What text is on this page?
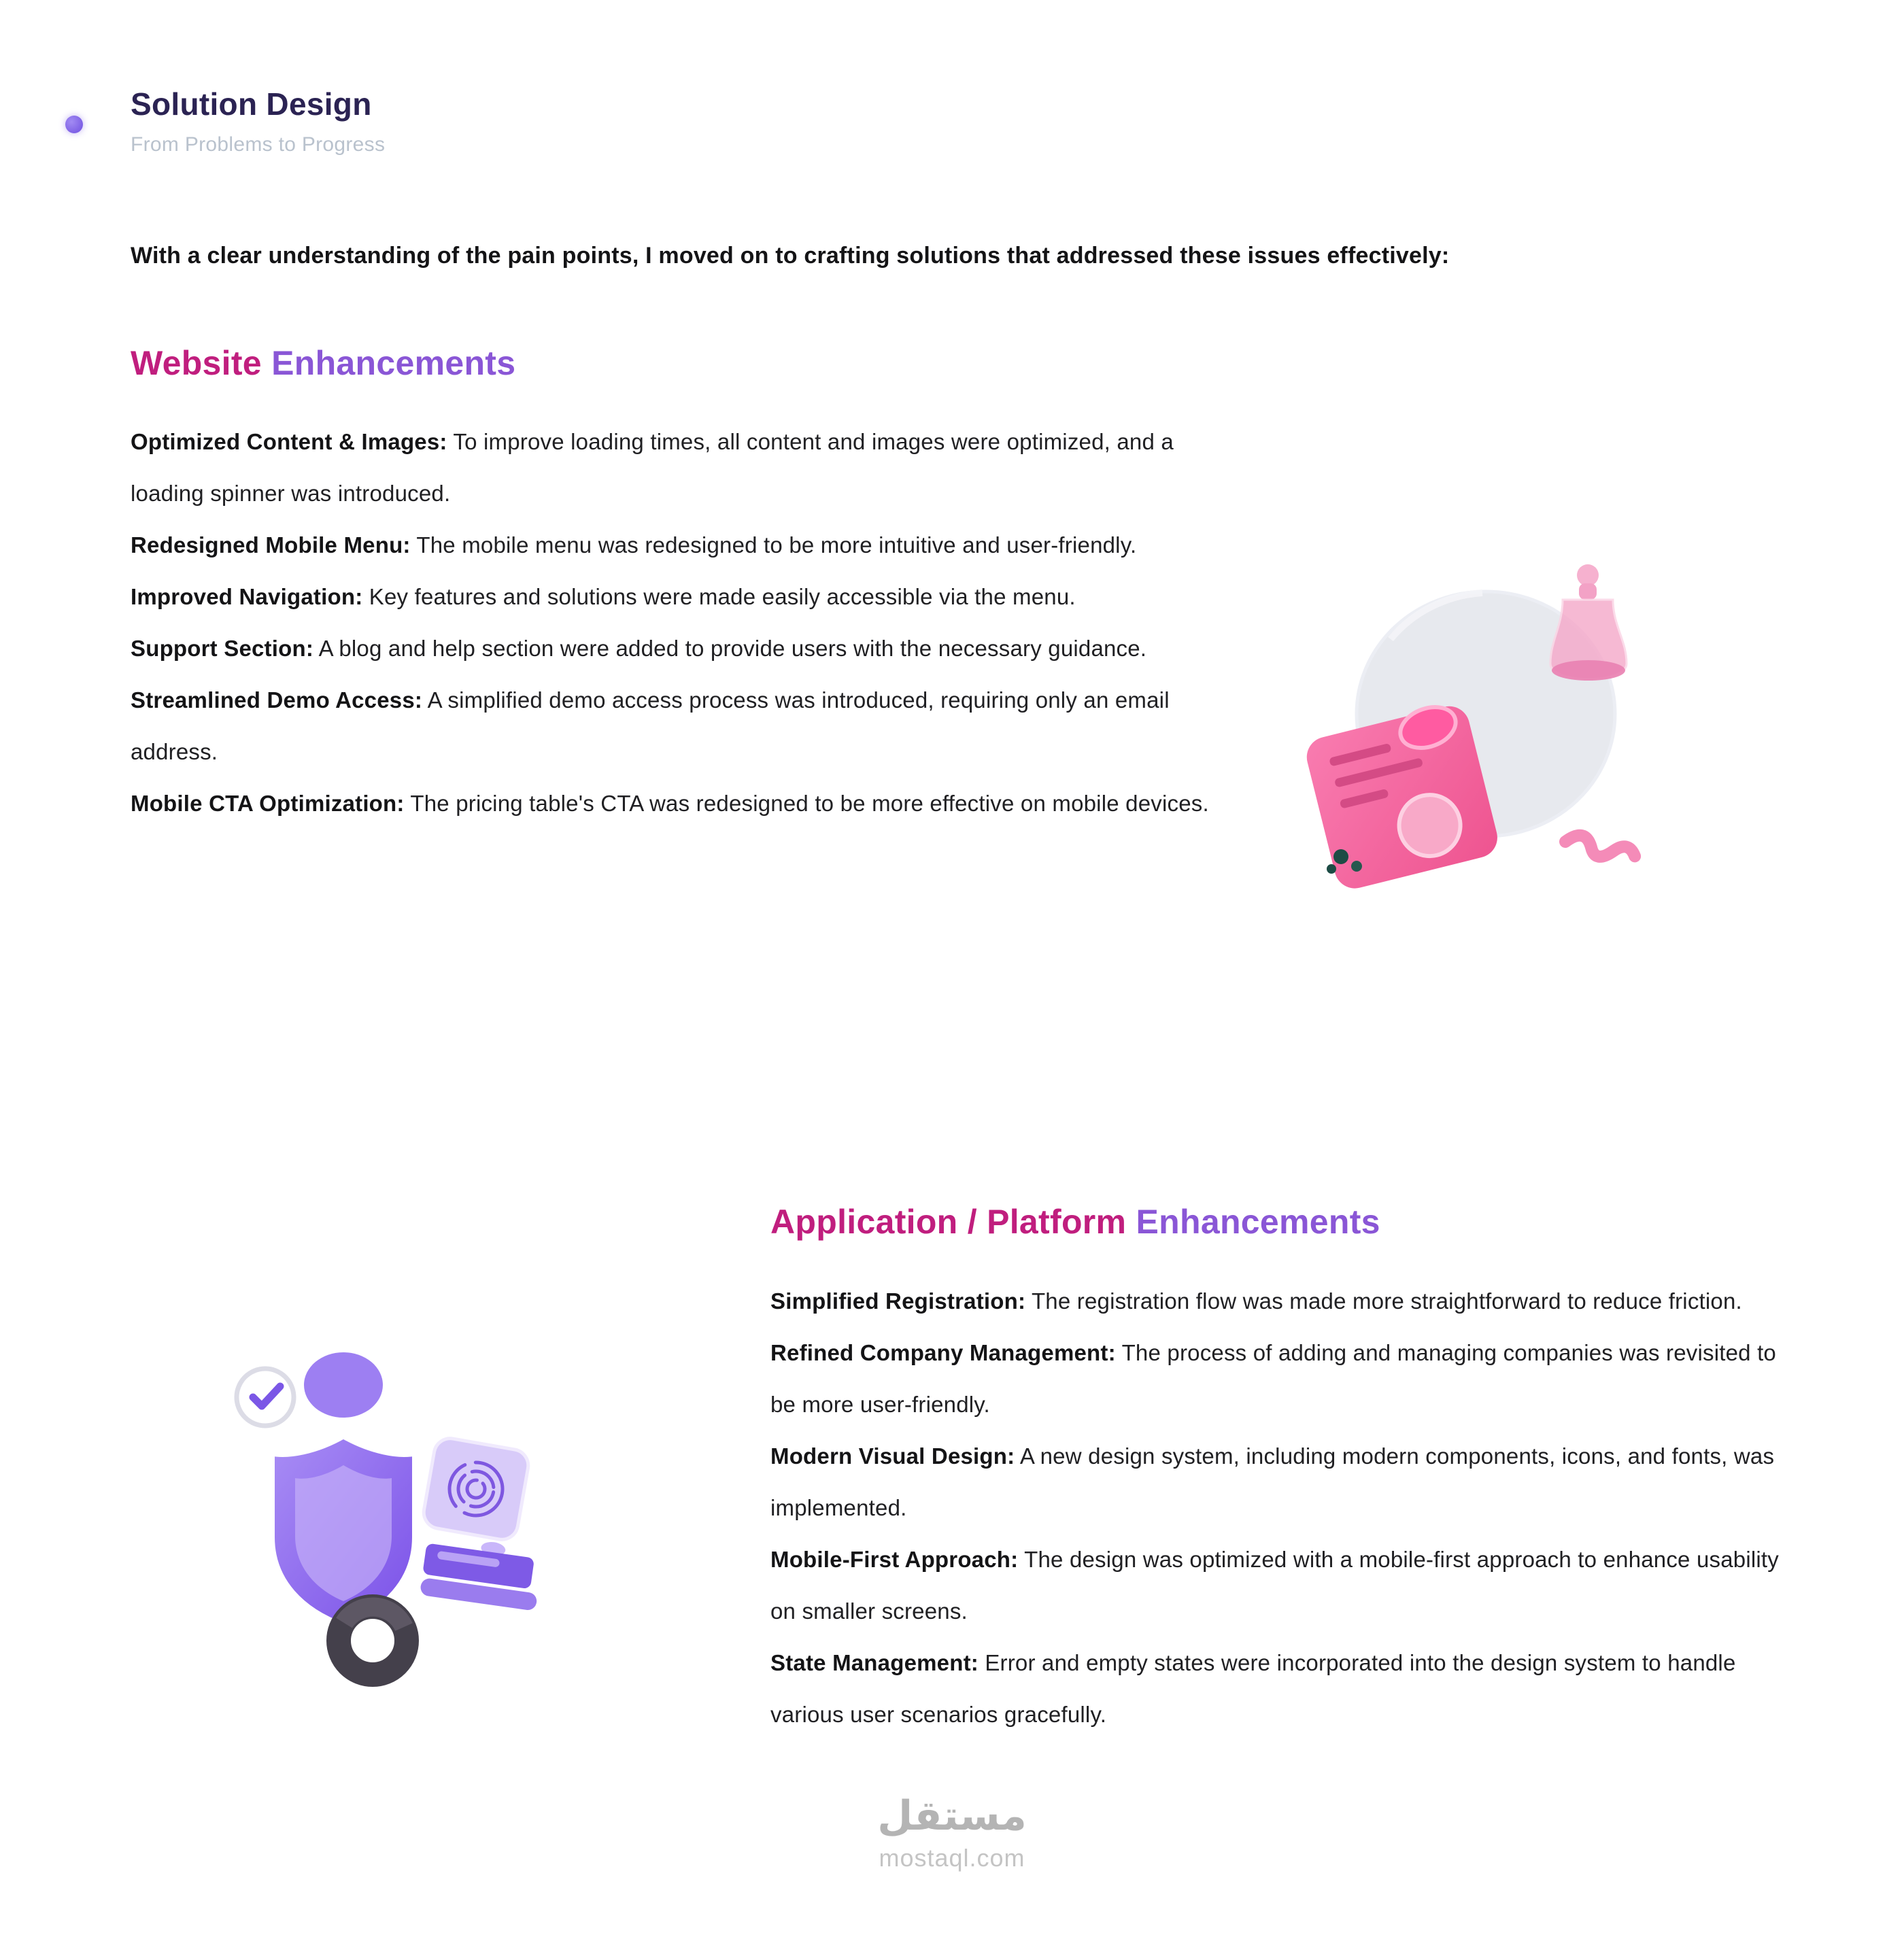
Solution Design
From Problems to Progress

With a clear understanding of the pain points, I moved on to crafting solutions that addressed these issues effectively:

Website Enhancements

Optimized Content & Images: To improve loading times, all content and images were optimized, and a loading spinner was introduced.

Redesigned Mobile Menu: The mobile menu was redesigned to be more intuitive and user-friendly.

Improved Navigation: Key features and solutions were made easily accessible via the menu.

Support Section: A blog and help section were added to provide users with the necessary guidance.

Streamlined Demo Access: A simplified demo access process was introduced, requiring only an email address.

Mobile CTA Optimization: The pricing table's CTA was redesigned to be more effective on mobile devices.

Application / Platform Enhancements

Simplified Registration: The registration flow was made more straightforward to reduce friction.

Refined Company Management: The process of adding and managing companies was revisited to be more user-friendly.

Modern Visual Design: A new design system, including modern components, icons, and fonts, was implemented.

Mobile-First Approach: The design was optimized with a mobile-first approach to enhance usability on smaller screens.

State Management: Error and empty states were incorporated into the design system to handle various user scenarios gracefully.

مستقل
mostaql.com
